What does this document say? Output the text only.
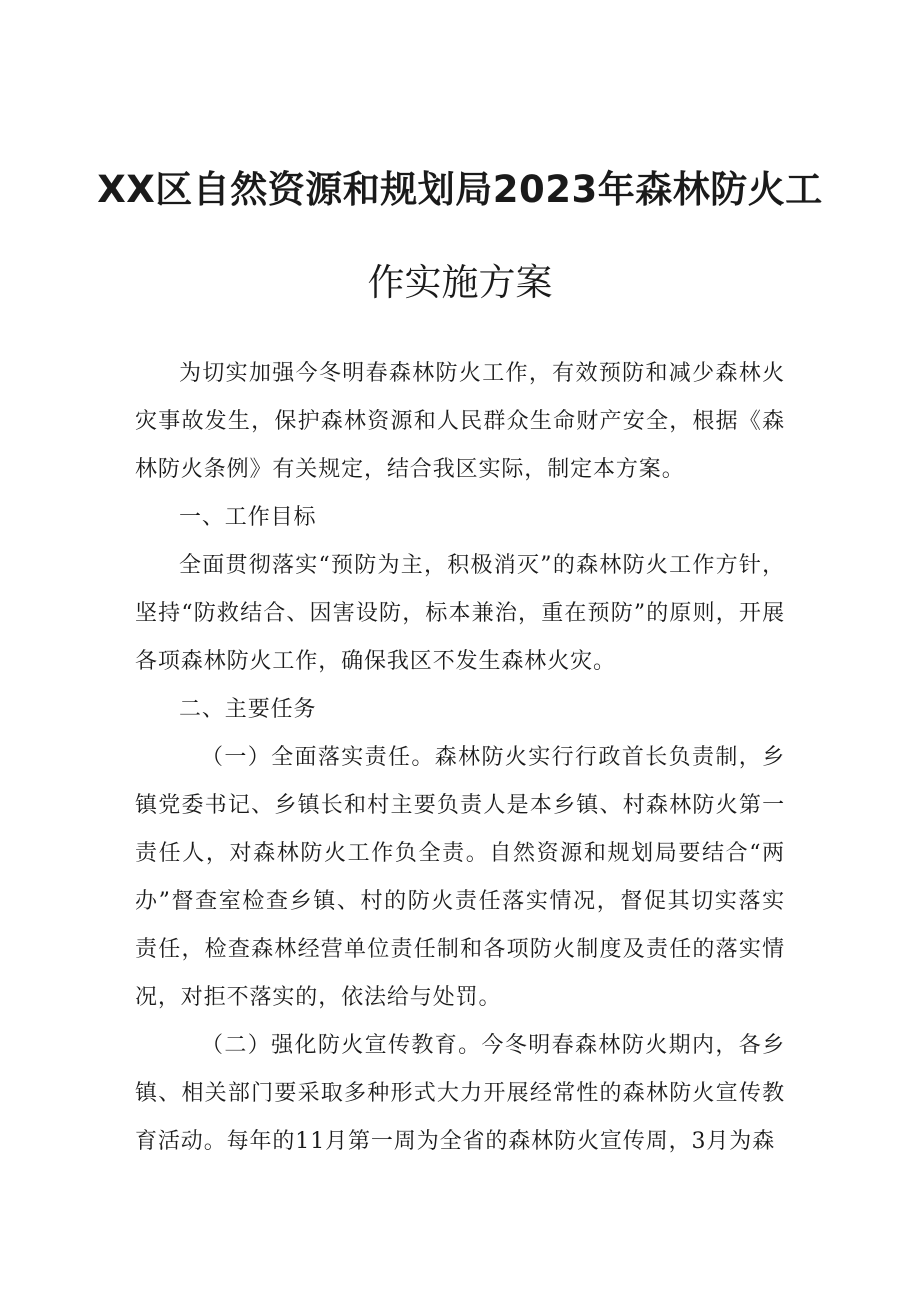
XX区自然资源和规划局2023年森林防火工
作实施方案

为切实加强今冬明春森林防火工作，有效预防和减少森林火灾事故发生，保护森林资源和人民群众生命财产安全，根据《森林防火条例》有关规定，结合我区实际，制定本方案。

一、工作目标

全面贯彻落实“预防为主，积极消灭”的森林防火工作方针，坚持“防救结合、因害设防，标本兼治，重在预防”的原则，开展各项森林防火工作，确保我区不发生森林火灾。

二、主要任务

（一）全面落实责任。森林防火实行行政首长负责制，乡镇党委书记、乡镇长和村主要负责人是本乡镇、村森林防火第一责任人，对森林防火工作负全责。自然资源和规划局要结合“两办”督查室检查乡镇、村的防火责任落实情况，督促其切实落实责任，检查森林经营单位责任制和各项防火制度及责任的落实情况，对拒不落实的，依法给与处罚。

（二）强化防火宣传教育。今冬明春森林防火期内，各乡镇、相关部门要采取多种形式大力开展经常性的森林防火宣传教育活动。每年的11月第一周为全省的森林防火宣传周，3月为森
